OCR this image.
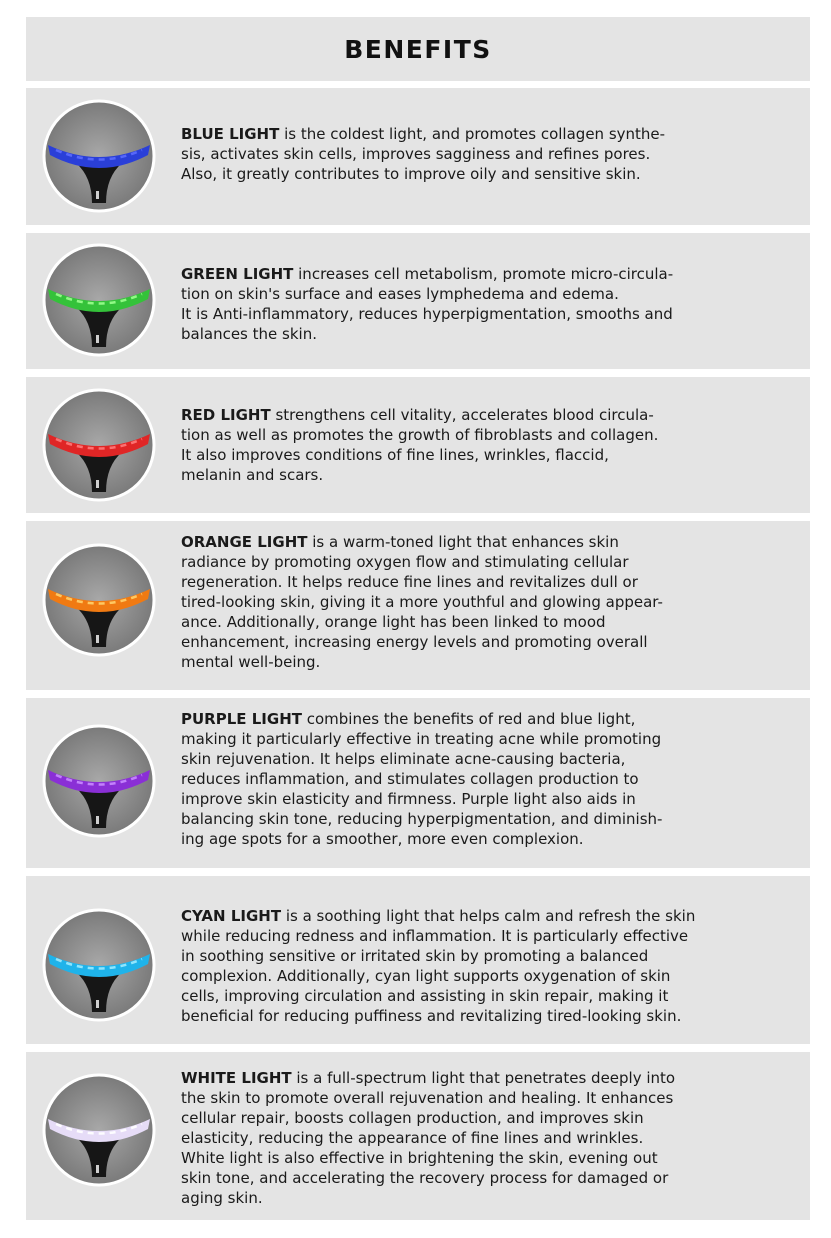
BENEFITS

BLUE LIGHT is the coldest light, and promotes collagen synthe-
sis, activates skin cells, improves sagginess and refines pores.
Also, it greatly contributes to improve oily and sensitive skin.

GREEN LIGHT increases cell metabolism, promote micro-circula-
tion on skin's surface and eases lymphedema and edema.
It is Anti-inflammatory, reduces hyperpigmentation, smooths and
balances the skin.

RED LIGHT strengthens cell vitality, accelerates blood circula-
tion as well as promotes the growth of fibroblasts and collagen.
It also improves conditions of fine lines, wrinkles, flaccid,
melanin and scars.

ORANGE LIGHT is a warm-toned light that enhances skin
radiance by promoting oxygen flow and stimulating cellular
regeneration. It helps reduce fine lines and revitalizes dull or
tired-looking skin, giving it a more youthful and glowing appear-
ance. Additionally, orange light has been linked to mood
enhancement, increasing energy levels and promoting overall
mental well-being.

PURPLE LIGHT combines the benefits of red and blue light,
making it particularly effective in treating acne while promoting
skin rejuvenation. It helps eliminate acne-causing bacteria,
reduces inflammation, and stimulates collagen production to
improve skin elasticity and firmness. Purple light also aids in
balancing skin tone, reducing hyperpigmentation, and diminish-
ing age spots for a smoother, more even complexion.

CYAN LIGHT is a soothing light that helps calm and refresh the skin
while reducing redness and inflammation. It is particularly effective
in soothing sensitive or irritated skin by promoting a balanced
complexion. Additionally, cyan light supports oxygenation of skin
cells, improving circulation and assisting in skin repair, making it
beneficial for reducing puffiness and revitalizing tired-looking skin.

WHITE LIGHT is a full-spectrum light that penetrates deeply into
the skin to promote overall rejuvenation and healing. It enhances
cellular repair, boosts collagen production, and improves skin
elasticity, reducing the appearance of fine lines and wrinkles.
White light is also effective in brightening the skin, evening out
skin tone, and accelerating the recovery process for damaged or
aging skin.
